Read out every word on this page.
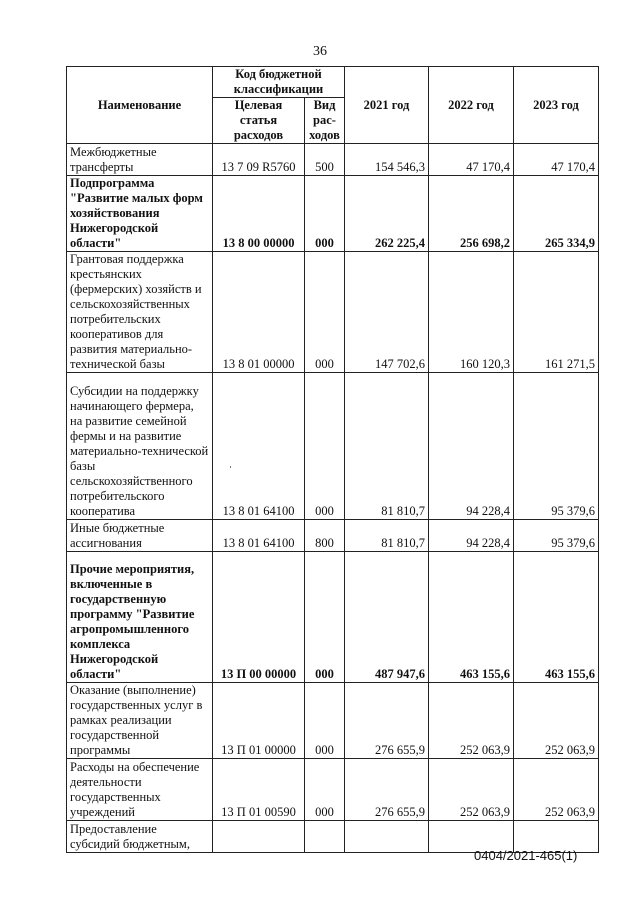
36
Наименование	Код бюджетной классификации		2021 год	2022 год	2023 год
	Целевая статья расходов	Вид рас-ходов			
Межбюджетные трансферты	13 7 09 R5760	500	154 546,3	47 170,4	47 170,4
Подпрограмма "Развитие малых форм хозяйствования Нижегородской области"	13 8 00 00000	000	262 225,4	256 698,2	265 334,9
Грантовая поддержка крестьянских (фермерских) хозяйств и сельскохозяйственных потребительских кооперативов для развития материально-технической базы	13 8 01 00000	000	147 702,6	160 120,3	161 271,5
Субсидии на поддержку начинающего фермера, на развитие семейной фермы и на развитие материально-технической базы сельскохозяйственного потребительского кооператива	13 8 01 64100	000	81 810,7	94 228,4	95 379,6
Иные бюджетные ассигнования	13 8 01 64100	800	81 810,7	94 228,4	95 379,6
Прочие мероприятия, включенные в государственную программу "Развитие агропромышленного комплекса Нижегородской области"	13 П 00 00000	000	487 947,6	463 155,6	463 155,6
Оказание (выполнение) государственных услуг в рамках реализации государственной программы	13 П 01 00000	000	276 655,9	252 063,9	252 063,9
Расходы на обеспечение деятельности государственных учреждений	13 П 01 00590	000	276 655,9	252 063,9	252 063,9
Предоставление субсидий бюджетным,					
0404/2021-465(1)
